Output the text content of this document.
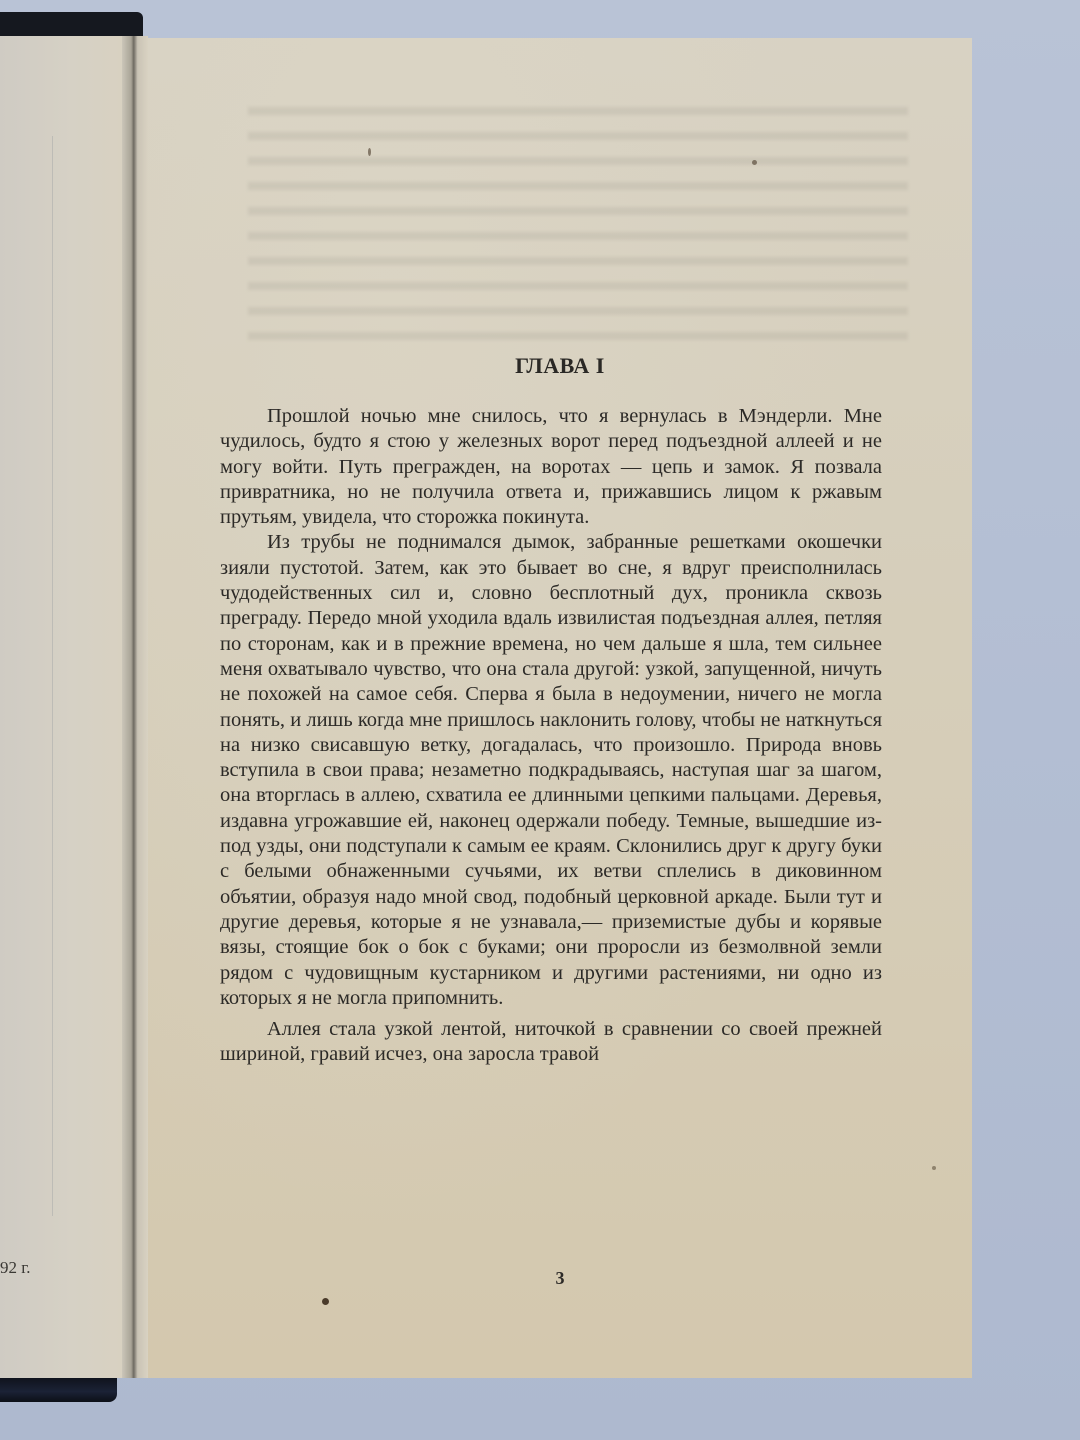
92 г.
ГЛАВА I

Прошлой ночью мне снилось, что я вернулась в Мэндерли. Мне чудилось, будто я стою у железных ворот перед подъездной аллеей и не могу войти. Путь прегражден, на воротах — цепь и замок. Я позвала привратника, но не получила ответа и, прижавшись лицом к ржавым прутьям, увидела, что сторожка покинута.

Из трубы не поднимался дымок, забранные решетками окошечки зияли пустотой. Затем, как это бывает во сне, я вдруг преисполнилась чудодейственных сил и, словно бесплотный дух, проникла сквозь преграду. Передо мной уходила вдаль извилистая подъездная аллея, петляя по сторонам, как и в прежние времена, но чем дальше я шла, тем сильнее меня охватывало чувство, что она стала другой: узкой, запущенной, ничуть не похожей на самое себя. Сперва я была в недоумении, ничего не могла понять, и лишь когда мне пришлось наклонить голову, чтобы не наткнуться на низко свисавшую ветку, догадалась, что произошло. Природа вновь вступила в свои права; незаметно подкрадываясь, наступая шаг за шагом, она вторглась в аллею, схватила ее длинными цепкими пальцами. Деревья, издавна угрожавшие ей, наконец одержали победу. Темные, вышедшие из-под узды, они подступали к самым ее краям. Склонились друг к другу буки с белыми обнаженными сучьями, их ветви сплелись в диковинном объятии, образуя надо мной свод, подобный церковной аркаде. Были тут и другие деревья, которые я не узнавала,— приземистые дубы и корявые вязы, стоящие бок о бок с буками; они проросли из безмолвной земли рядом с чудовищным кустарником и другими растениями, ни одно из которых я не могла припомнить.

Аллея стала узкой лентой, ниточкой в сравнении со своей прежней шириной, гравий исчез, она заросла травой

3
